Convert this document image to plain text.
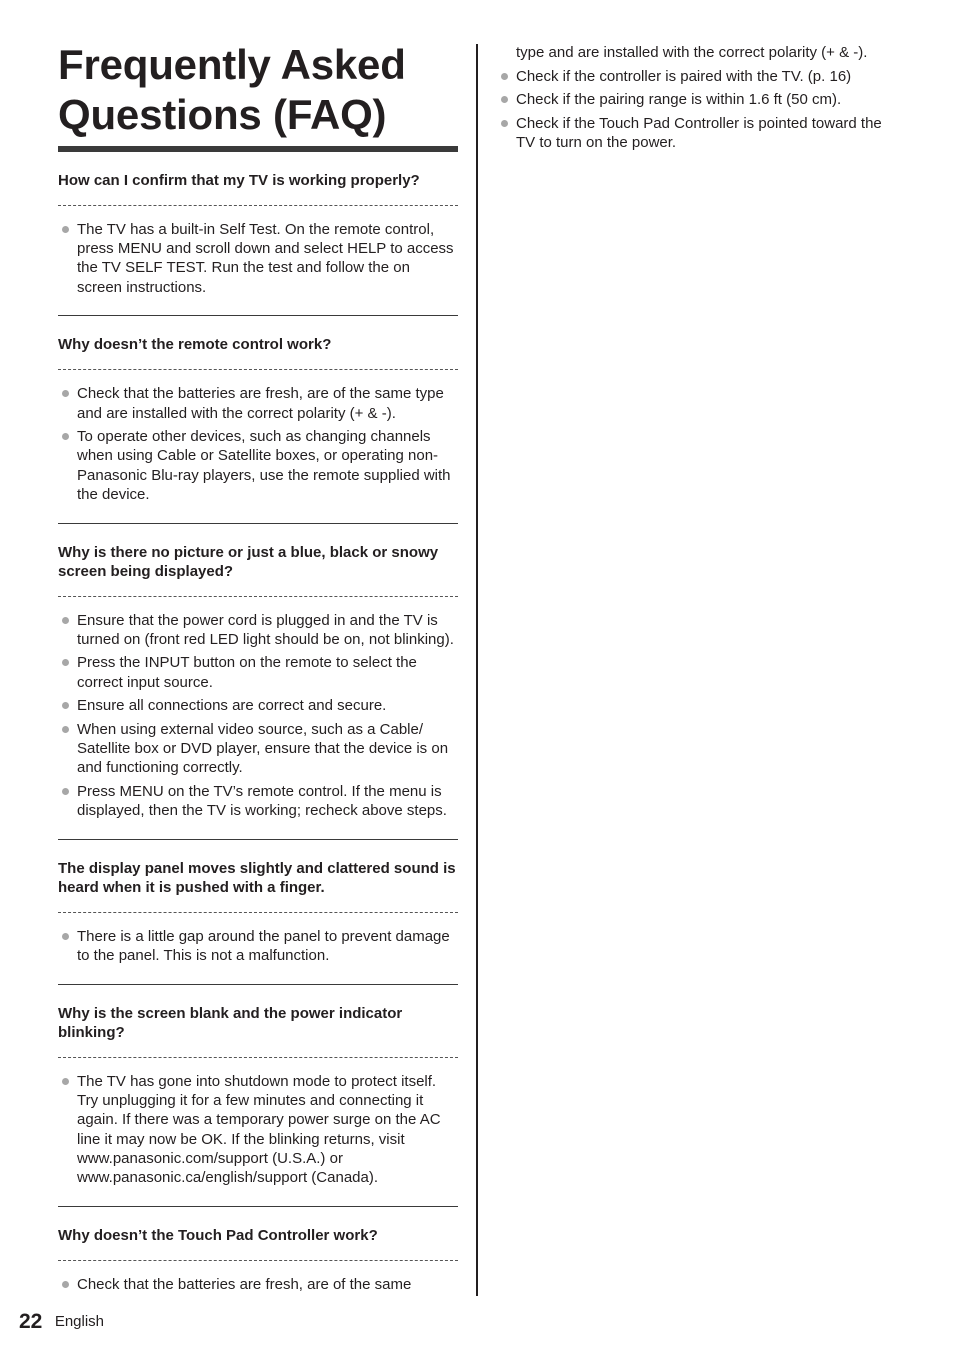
Frequently Asked
Questions (FAQ)

How can I confirm that my TV is working properly?

The TV has a built-in Self Test. On the remote control, press MENU and scroll down and select HELP to access the TV SELF TEST. Run the test and follow the on screen instructions.

Why doesn’t the remote control work?

Check that the batteries are fresh, are of the same type and are installed with the correct polarity (+ & -).
To operate other devices, such as changing channels when using Cable or Satellite boxes, or operating non-Panasonic Blu-ray players, use the remote supplied with the device.

Why is there no picture or just a blue, black or snowy screen being displayed?

Ensure that the power cord is plugged in and the TV is turned on (front red LED light should be on, not blinking).
Press the INPUT button on the remote to select the correct input source.
Ensure all connections are correct and secure.
When using external video source, such as a Cable/ Satellite box or DVD player, ensure that the device is on and functioning correctly.
Press MENU on the TV’s remote control. If the menu is displayed, then the TV is working; recheck above steps.

The display panel moves slightly and clattered sound is heard when it is pushed with a finger.

There is a little gap around the panel to prevent damage to the panel. This is not a malfunction.

Why is the screen blank and the power indicator blinking?

The TV has gone into shutdown mode to protect itself. Try unplugging it for a few minutes and connecting it again. If there was a temporary power surge on the AC line it may now be OK. If the blinking returns, visit www.panasonic.com/support (U.S.A.) or www.panasonic.ca/english/support (Canada).

Why doesn’t the Touch Pad Controller work?

Check that the batteries are fresh, are of the same
type and are installed with the correct polarity (+ & -).
Check if the controller is paired with the TV. (p. 16)
Check if the pairing range is within 1.6 ft (50 cm).
Check if the Touch Pad Controller is pointed toward the TV to turn on the power.
22 English
